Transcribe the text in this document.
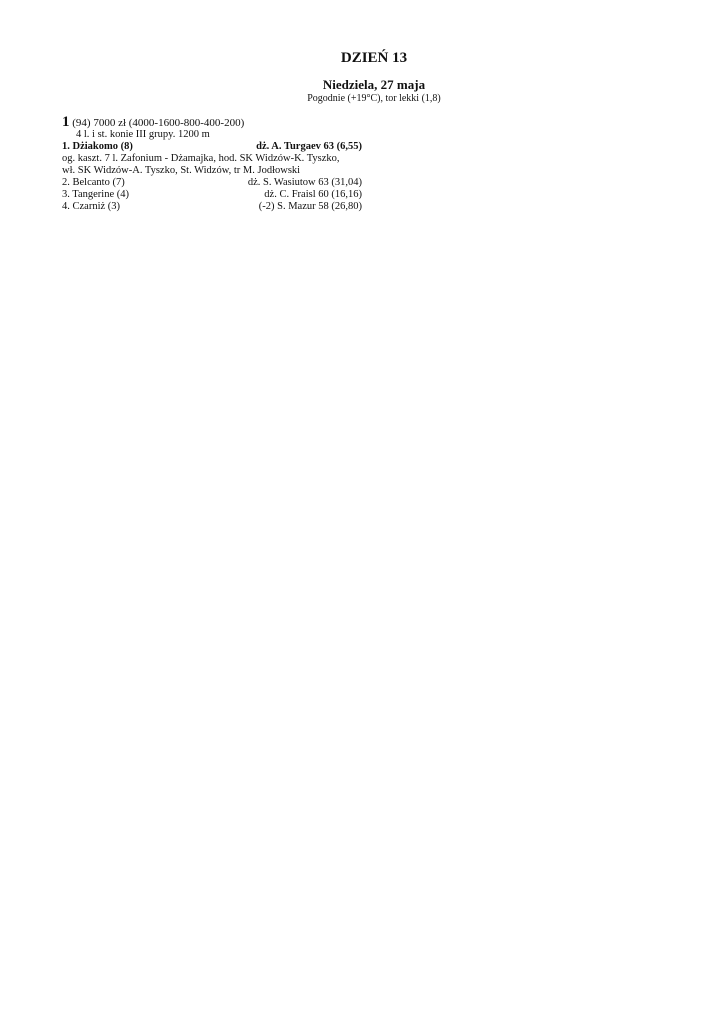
DZIEŃ 13
Niedziela, 27 maja
Pogodnie (+19°C), tor lekki (1,8)
1 (94) 7000 zł (4000-1600-800-400-200)
4 l. i st. konie III grupy. 1200 m
1. Dżiakomo (8)	dż. A. Turgaev 63 (6,55)
og. kaszt. 7 l. Zafonium - Dżamajka, hod. SK Widzów-K. Tyszko,
wł. SK Widzów-A. Tyszko, St. Widzów, tr M. Jodłowski
2. Belcanto (7)	dż. S. Wasiutow 63 (31,04)
3. Tangerine (4)	dż. C. Fraisl 60 (16,16)
4. Czarniż (3)	(-2) S. Mazur 58 (26,80)
